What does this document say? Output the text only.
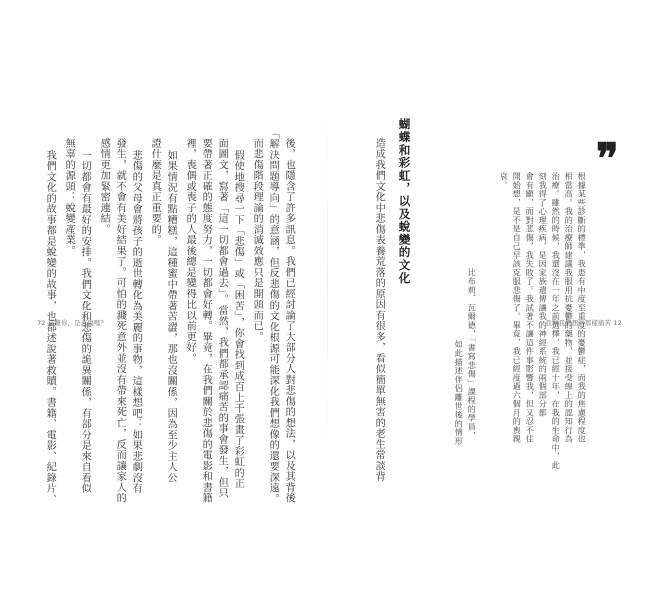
❞
根據某些診斷的標準，我患有中度至重度的憂鬱症，而我的焦慮程度也
相當高。我的治療師建議我服用抗憂鬱的藥物，並接受線上的認知行為
治療。雖然的時候，我還沒在一年之前選擇，我已經十年，在我的生命中，此
刻我得了心理疾病，是因家族遺傳讓我的神經系統的兩個部分都
會有顯，面對悲傷，我失敗了。我試著不讓這件事影響我，但又忍不住
開始想，是不是自己早該克服悲傷了。畢竟，我已經度過六個月的喪親
哀。
比布莉．瓦爾德，「書寫悲傷」課程的學員，
如此描述伴侶離世後的情形
蝴蝶和彩虹，以及蛻變的文化
造成我們文化中悲傷表養荒落的原因有很多，看似簡單無害的老生常談背
後，也隱含了許多訊息。我們已經討論了大部分人對悲傷的想法，以及其背後
「解決問題導向」的意涵，但反悲傷的文化根源可能深化我們想像的還要深遠。
而悲傷階段理論的消滅效應只是開頭而已。
假使地搜尋一下「悲傷」或「困苦」，你會找到成百上千張畫了彩虹的正
面圖文，寫著「這一切都會過去」。當然，我們都承認痛苦的事會發生，但只
要帶著正確的態度努力，一切都會好轉。畢竟，在我們關於悲傷的電影和書籍
裡，喪偶或喪子的人最後總是變得比以前更好。
如果情況有點糟糕，這種蜜中帶著苦澀，那也沒關係，因為至少主人公
證什麼是真正重要的。
悲傷的父母會將孩子的逝世轉化為美麗的事物，這樣想吧：如果悲劇沒有
發生，就不會有美好結果了。可怕的濺死意外並沒有帶來死亡，反而讓家人的
感情更加緊密連結。
一切都會有最好的安排。我們文化和悲傷的詭異關係，有部分是來自看似
無辜的源頭：蛻變產業。
我們文化的故事都是蛻變的故事，也都述說著救贖。書籍、電影、紀錄片、
72 這難你，是悲傷嗎？	我和我們想的那樣痛苦 12
